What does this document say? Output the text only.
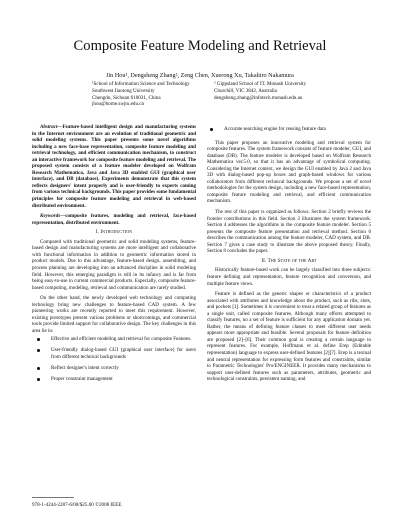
Composite Feature Modeling and Retrieval
Jin Hou¹, Dengsheng Zhang², Zeng Chen, Xuerong Xu, Takahiro Nakamura
¹School of Information Science and Technology
Southwest Jiaotong University
Chengdu, Sichuan 610031, China
jhou@home.swjtu.edu.cn
² Gippsland School of IT, Monash University
Churchill, VIC 3842, Australia
dengsheng.zhang@infotech.monash.edu.au

Abstract—Feature-based intelligent design and manufacturing systems in the Internet environment are an evolution of traditional geometric and solid modeling systems. This paper presents some novel algorithms including a new face-base representation, composite feature modeling and retrieval technology, and efficient communication mechanism, to construct an interactive framework for composite feature modeling and retrieval. The proposed system consists of a feature modeler developed on Wolfram Research Mathematica, Java and Java 3D enabled GUI (graphical user interface), and DB (database). Experiments demonstrate that this system reflects designers' intent properly and is user-friendly to experts coming from various technical backgrounds. This paper provides some fundamental principles for composite feature modeling and retrieval in web-based distributed environment.

Keywords—composite features, modeling and retrieval, face-based representation, distributed environment.

I. Introduction

Compared with traditional geometric and solid modeling systems, feature-based design and manufacturing systems are more intelligent and collaborative with functional information in addition to geometric information stored in product models. Due to this advantage, feature-based design, assembling, and process planning are developing into an advanced discipline in solid modeling field. However, this emerging paradigm is still in its infancy and is far from being easy-to-use in current commercial products. Especially, composite feature-based computing, modeling, retrieval and communication are rarely studied.

On the other hand, the newly developed web technology and computing technology bring new challenges to feature-based CAD system. A few pioneering works are recently reported to meet this requirement. However, existing prototypes present various problems or shortcomings, and commercial tools provide limited support for collaborative design. The key challenges in this area lie in:

Effective and efficient modeling and retrieval for composite Features.
User-friendly dialog-based GUI (graphical user interface) for users from different technical backgrounds
Reflect designer's intent correctly
Proper constraint management
Accurate searching engine for reusing feature data

This paper proposes an innovative modeling and retrieval system for composite features. The system framework consists of feature modeler, GUI, and database (DB). The feature modeler is developed based on Wolfram Research Mathematica ver.5.0, so that it has an advantage of symbolical computing. Considering the Internet context, we design the GUI enabled by Java 2 and Java 3D with dialog-based pop-up boxes and graph-based windows for various collaborators from different technical backgrounds. We propose a set of novel methodologies for the system design, including a new face-based representation, composite feature modeling and retrieval, and efficient communication mechanism.

The rest of this paper is organized as follows. Section 2 briefly reviews the frontier contributions in this field. Section 3 illustrates the system framework. Section 4 addresses the algorithms in the composite feature modeler. Section 5 presents the composite feature presentation and retrieval method. Section 6 describes the communication among the feature modeler, CAD system, and DB. Section 7 gives a case study to illustrate the above proposed theory. Finally, Section 8 concludes the paper.

II. The State of the Art

Historically feature-based work can be largely classified into three subjects: feature defining and representation, feature recognition and conversion, and multiple feature views.

Feature is defined as the generic shapes or characteristics of a product associated with attributes and knowledge about the product, such as ribs, slots, and pockets [1]. Sometimes it is convenient to treat a related group of features as a single unit, called composite features. Although many efforts attempted to classify features, no a set of feature is sufficient for any application domain yet. Rather, the means of defining feature classes to meet different user needs appears more appropriate and feasible. Several proposals for feature definition are proposed [2]–[6]. Their common goal is creating a certain language to represent features. For example, Hoffmann et al. define Erep (Editable representation) language to express user-defined features [2][7]. Erep is a textual and neutral representation for expressing form features and constraints, similar to Parametric Technologies' Pro/ENGINEER. It provides many mechanisms to support user-defined features such as parameters, attributes, geometric and technological constraints, persistent naming, and

978-1-4244-2287-6/08/$25.00 ©2008 IEEE
